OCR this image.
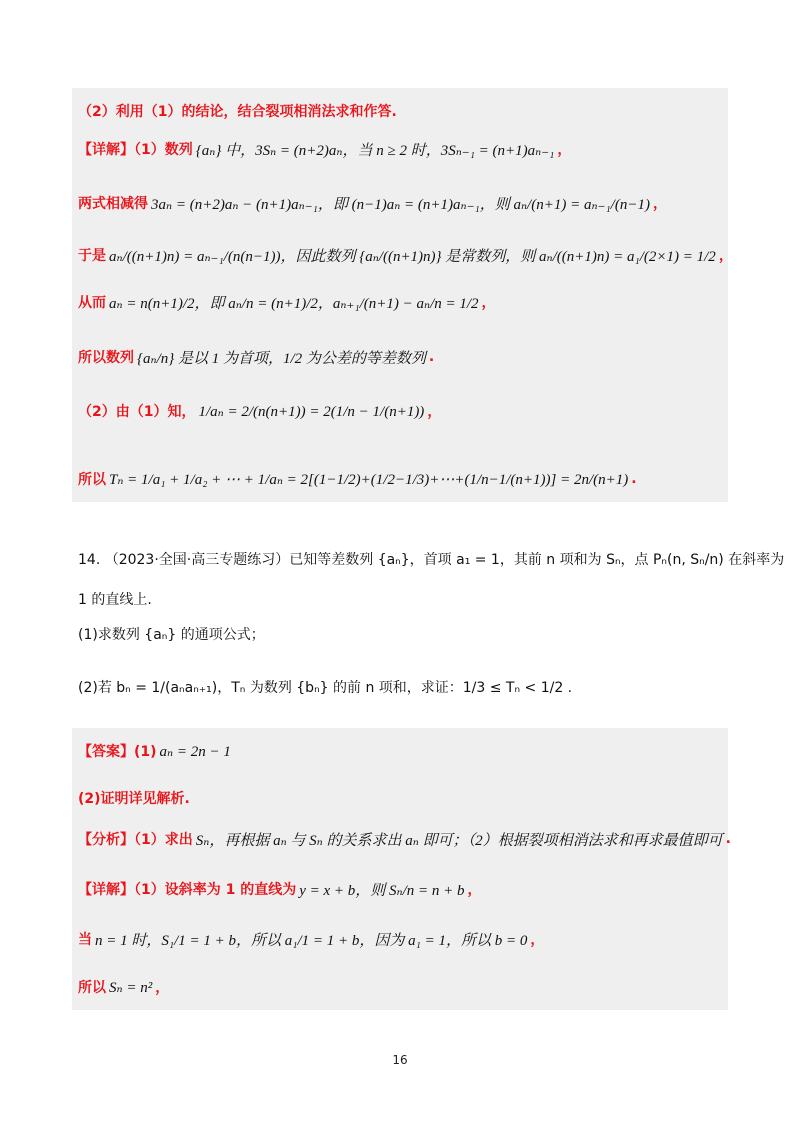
（2）利用（1）的结论，结合裂项相消法求和作答.
【详解】（1）数列 {aₙ} 中，3Sₙ = (n+2)aₙ，当 n ≥ 2 时，3Sₙ₋₁ = (n+1)aₙ₋₁ ，
两式相减得 3aₙ = (n+2)aₙ − (n+1)aₙ₋₁，即 (n−1)aₙ = (n+1)aₙ₋₁，则 aₙ/(n+1) = aₙ₋₁/(n−1) ，
于是 aₙ/((n+1)n) = aₙ₋₁/(n(n−1))，因此数列 {aₙ/((n+1)n)} 是常数列，则 aₙ/((n+1)n) = a₁/(2×1) = 1/2 ，
从而 aₙ = n(n+1)/2，即 aₙ/n = (n+1)/2，aₙ₊₁/(n+1) − aₙ/n = 1/2 ，
所以数列 {aₙ/n} 是以 1 为首项，1/2 为公差的等差数列 .
（2）由（1）知， 1/aₙ = 2/(n(n+1)) = 2(1/n − 1/(n+1)) ，
所以 Tₙ = 1/a₁ + 1/a₂ + ⋯ + 1/aₙ = 2[(1−1/2)+(1/2−1/3)+⋯+(1/n−1/(n+1))] = 2n/(n+1) .
14. （2023·全国·高三专题练习）已知等差数列 {aₙ}，首项 a₁ = 1，其前 n 项和为 Sₙ，点 Pₙ(n, Sₙ/n) 在斜率为
1 的直线上.
(1)求数列 {aₙ} 的通项公式；
(2)若 bₙ = 1/(aₙaₙ₊₁)，Tₙ 为数列 {bₙ} 的前 n 项和，求证：1/3 ≤ Tₙ < 1/2 .
【答案】(1) aₙ = 2n − 1
(2)证明详见解析.
【分析】（1）求出 Sₙ，再根据 aₙ 与 Sₙ 的关系求出 aₙ 即可；（2）根据裂项相消法求和再求最值即可 .
【详解】（1）设斜率为 1 的直线为 y = x + b，则 Sₙ/n = n + b ，
当 n = 1 时，S₁/1 = 1 + b，所以 a₁/1 = 1 + b，因为 a₁ = 1，所以 b = 0 ，
所以 Sₙ = n² ，
16
